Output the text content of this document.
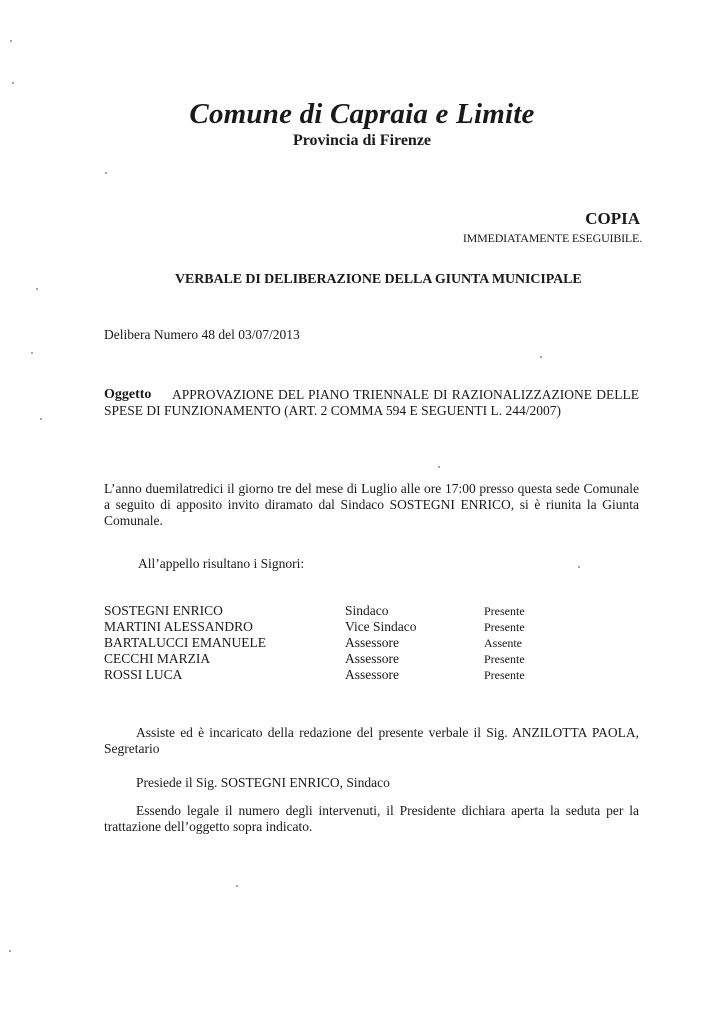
Comune di Capraia e Limite
Provincia di Firenze
COPIA
IMMEDIATAMENTE ESEGUIBILE.
VERBALE DI DELIBERAZIONE DELLA GIUNTA MUNICIPALE
Delibera Numero 48 del 03/07/2013
Oggetto	APPROVAZIONE DEL PIANO TRIENNALE DI RAZIONALIZZAZIONE DELLE SPESE DI FUNZIONAMENTO (ART. 2 COMMA 594 E SEGUENTI L. 244/2007)
L’anno duemilatredici il giorno tre del mese di Luglio alle ore 17:00 presso questa sede Comunale a seguito di apposito invito diramato dal Sindaco SOSTEGNI ENRICO, si è riunita la Giunta Comunale.
All’appello risultano i Signori:
SOSTEGNI ENRICO	Sindaco	Presente
MARTINI ALESSANDRO	Vice Sindaco	Presente
BARTALUCCI EMANUELE	Assessore	Assente
CECCHI MARZIA	Assessore	Presente
ROSSI LUCA	Assessore	Presente
Assiste ed è incaricato della redazione del presente verbale il Sig. ANZILOTTA PAOLA, Segretario
Presiede il Sig. SOSTEGNI ENRICO, Sindaco
Essendo legale il numero degli intervenuti, il Presidente dichiara aperta la seduta per la trattazione dell’oggetto sopra indicato.
